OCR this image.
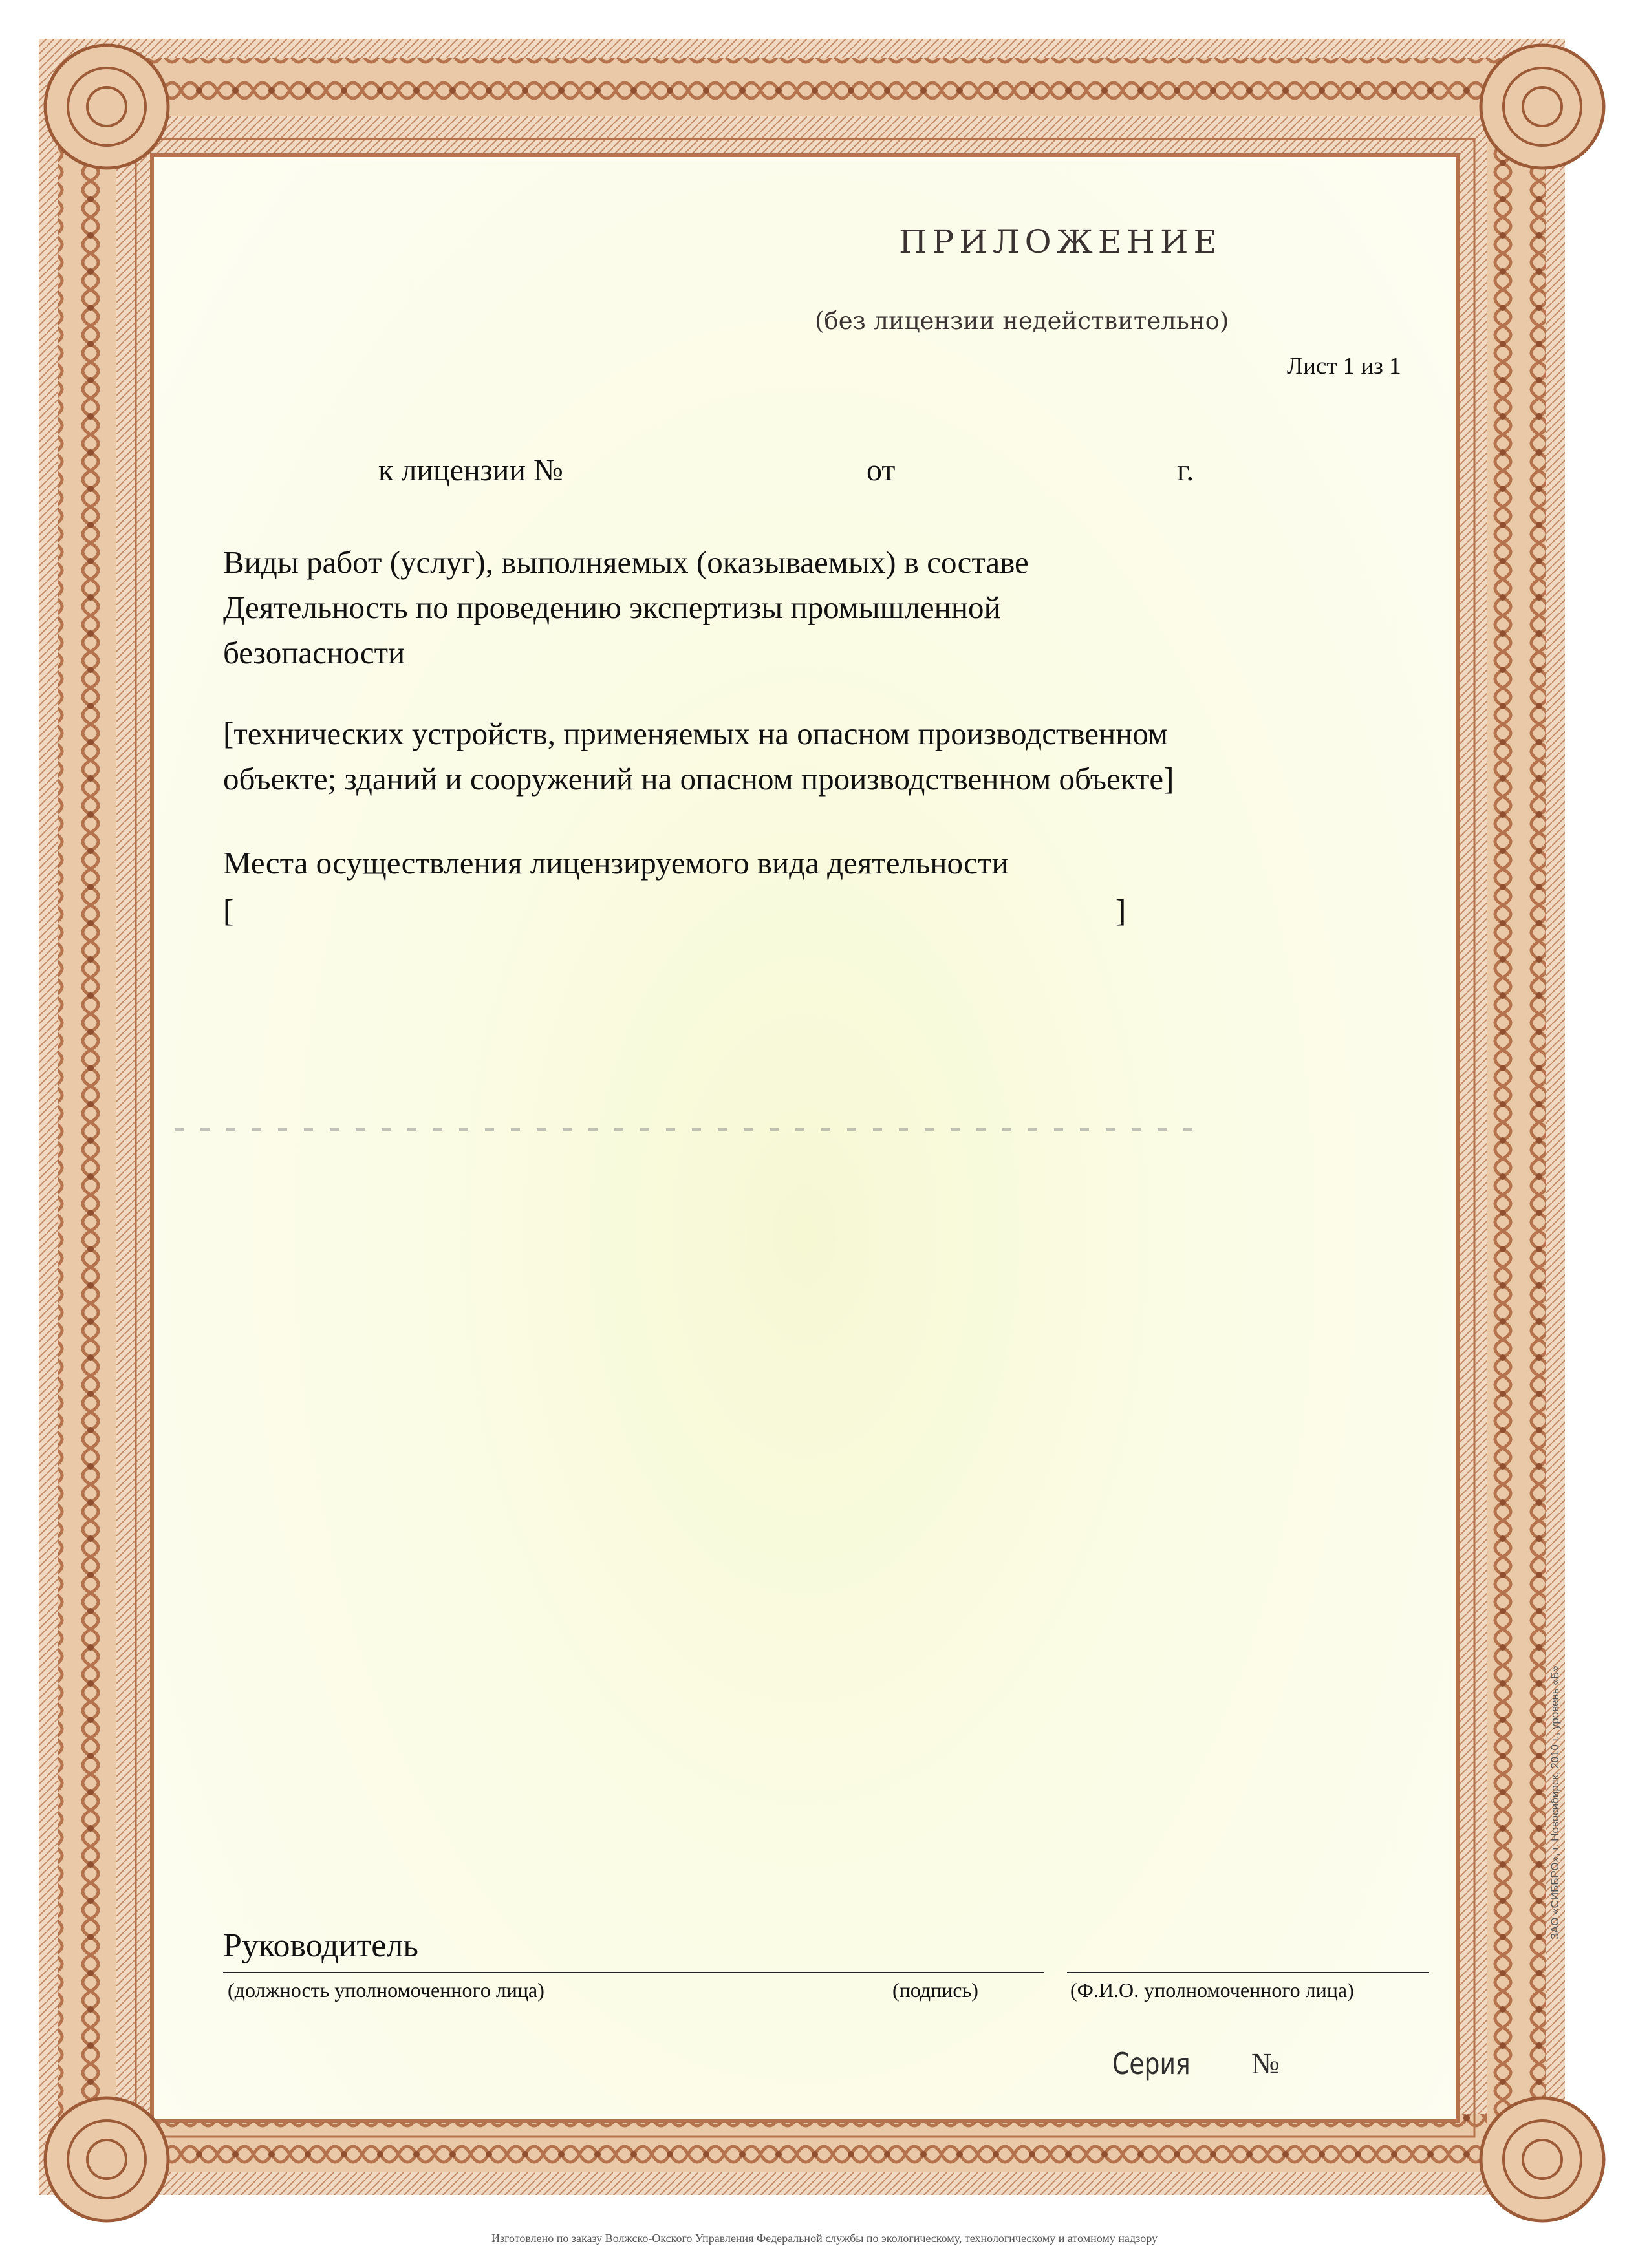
ПРИЛОЖЕНИЕ
(без лицензии недействительно)
Лист 1 из 1
к лицензии №	от	г.
Виды работ (услуг), выполняемых (оказываемых) в составе
Деятельность по проведению экспертизы промышленной
безопасности
[технических устройств, применяемых на опасном производственном
объекте; зданий и сооружений на опасном производственном объекте]
Места осуществления лицензируемого вида деятельности
[	]
Руководитель
(должность уполномоченного лица)	(подпись)	(Ф.И.О. уполномоченного лица)
Серия №
Изготовлено по заказу Волжско-Окского Управления Федеральной службы по экологическому, технологическому и атомному надзору
ЗАО «СИББРО», г. Новосибирск, 2010 г., уровень «Б»
